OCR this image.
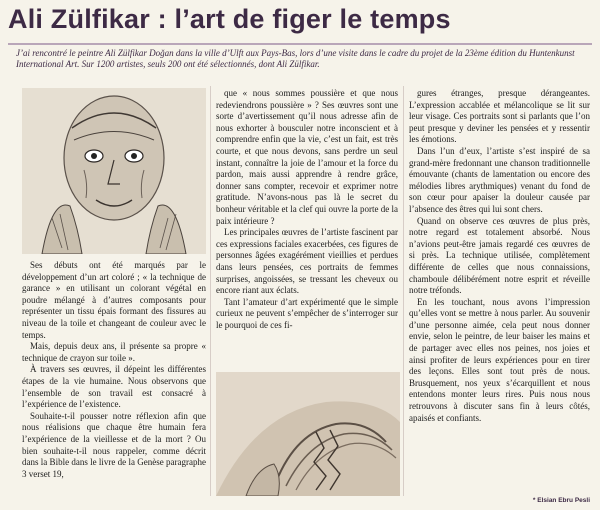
Ali Zülfikar : l’art de figer le temps
J’ai rencontré le peintre Ali Zülfikar Doğan dans la ville d’Ulft aux Pays-Bas, lors d’une visite dans le cadre du projet de la 23ème édition du Huntenkunst International Art. Sur 1200 artistes, seuls 200 ont été sélectionnés, dont Ali Zülfikar.

Ses débuts ont été marqués par le développement d’un art coloré ; « la technique de garance » en utilisant un colorant végétal en poudre mélangé à d’autres composants pour représenter un tissu épais formant des fissures au niveau de la toile et changeant de couleur avec le temps.

Mais, depuis deux ans, il présente sa propre « technique de crayon sur toile ».

À travers ses œuvres, il dépeint les différentes étapes de la vie humaine. Nous observons que l’ensemble de son travail est consacré à l’expérience de l’existence.

Souhaite-t-il pousser notre réflexion afin que nous réalisions que chaque être humain fera l’expérience de la vieillesse et de la mort ? Ou bien souhaite-t-il nous rappeler, comme décrit dans la Bible dans le livre de la Genèse paragraphe 3 verset 19,

que « nous sommes poussière et que nous redeviendrons poussière » ? Ses œuvres sont une sorte d’avertissement qu’il nous adresse afin de nous exhorter à bousculer notre inconscient et à comprendre enfin que la vie, c’est un fait, est très courte, et que nous devons, sans perdre un seul instant, connaître la joie de l’amour et la force du pardon, mais aussi apprendre à rendre grâce, donner sans compter, recevoir et exprimer notre gratitude. N’avons-nous pas là le secret du bonheur véritable et la clef qui ouvre la porte de la paix intérieure ?

Les principales œuvres de l’artiste fascinent par ces expressions faciales exacerbées, ces figures de personnes âgées exagérément vieillies et perdues dans leurs pensées, ces portraits de femmes surprises, angoissées, se tressant les cheveux ou encore riant aux éclats.

Tant l’amateur d’art expérimenté que le simple curieux ne peuvent s’empêcher de s’interroger sur le pourquoi de ces fi-

gures étranges, presque dérangeantes. L’expression accablée et mélancolique se lit sur leur visage. Ces portraits sont si parlants que l’on peut presque y deviner les pensées et y ressentir les émotions.

Dans l’un d’eux, l’artiste s’est inspiré de sa grand-mère fredonnant une chanson traditionnelle émouvante (chants de lamentation ou encore des mélodies libres arythmiques) venant du fond de son cœur pour apaiser la douleur causée par l’absence des êtres qui lui sont chers.

Quand on observe ces œuvres de plus près, notre regard est totalement absorbé. Nous n’avions peut-être jamais regardé ces œuvres de si près. La technique utilisée, complètement différente de celles que nous connaissions, chamboule délibérément notre esprit et réveille notre tréfonds.

En les touchant, nous avons l’impression qu’elles vont se mettre à nous parler. Au souvenir d’une personne aimée, cela peut nous donner envie, selon le peintre, de leur baiser les mains et de partager avec elles nos peines, nos joies et ainsi profiter de leurs expériences pour en tirer des leçons. Elles sont tout près de nous. Brusquement, nos yeux s’écarquillent et nous entendons monter leurs rires. Puis nous nous retrouvons à discuter sans fin à leurs côtés, apaisés et confiants.

* Elsian Ebru Pesli
